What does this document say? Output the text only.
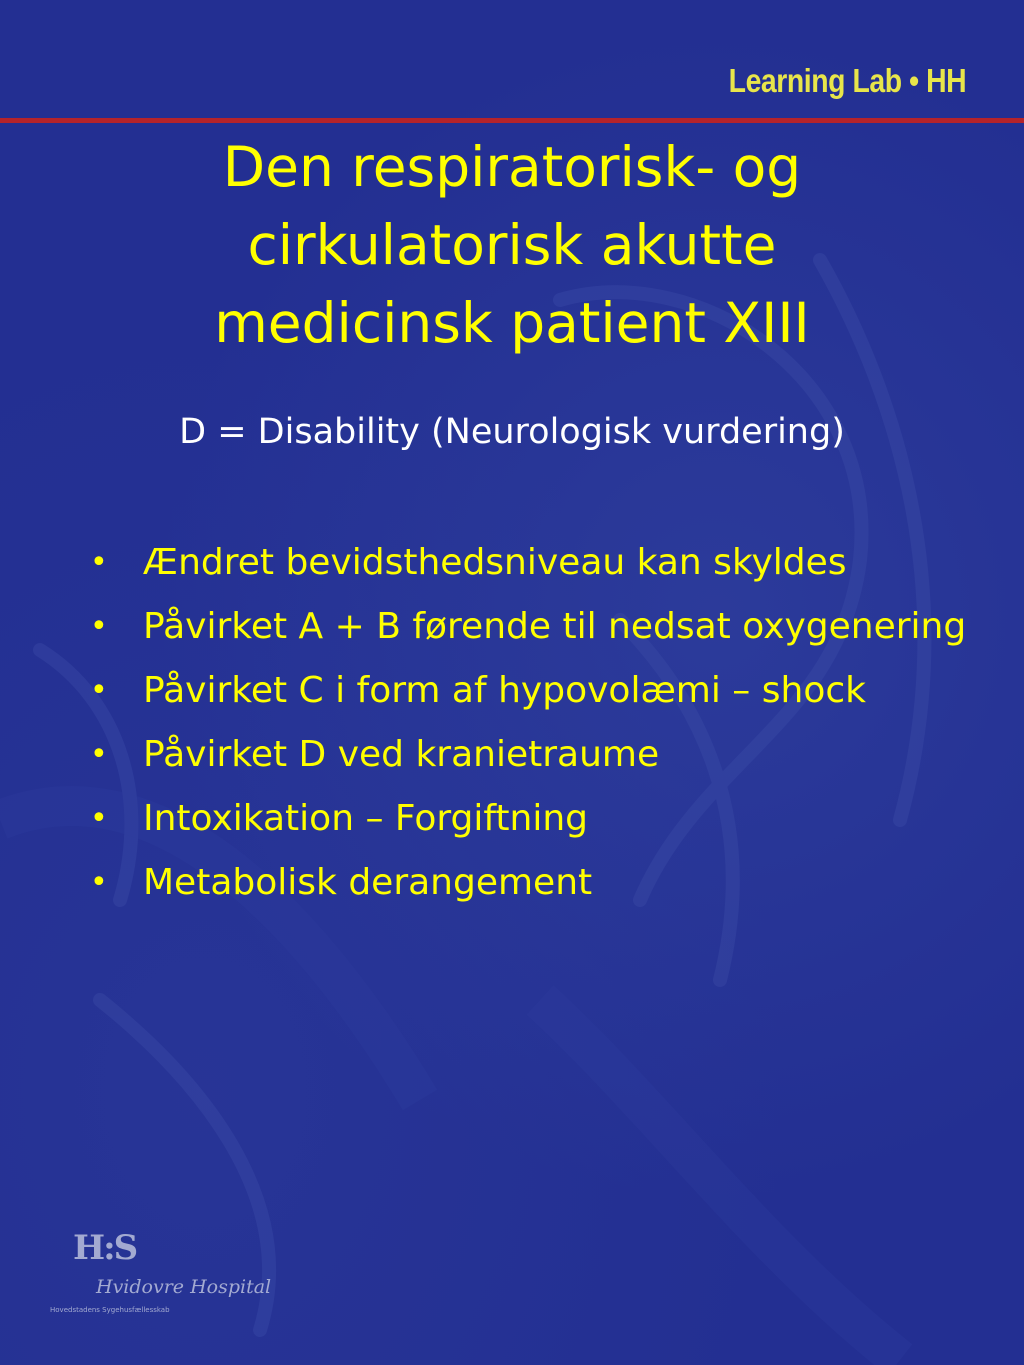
Learning Lab • HH
Den respiratorisk- og
cirkulatorisk akutte
medicinsk patient XIII

D = Disability (Neurologisk vurdering)

• Ændret bevidsthedsniveau kan skyldes
• Påvirket A + B førende til nedsat oxygenering
• Påvirket C i form af hypovolæmi – shock
• Påvirket D ved kranietraume
• Intoxikation – Forgiftning
• Metabolisk derangement
H:S
Hvidovre Hospital
Hovedstadens Sygehusfællesskab
